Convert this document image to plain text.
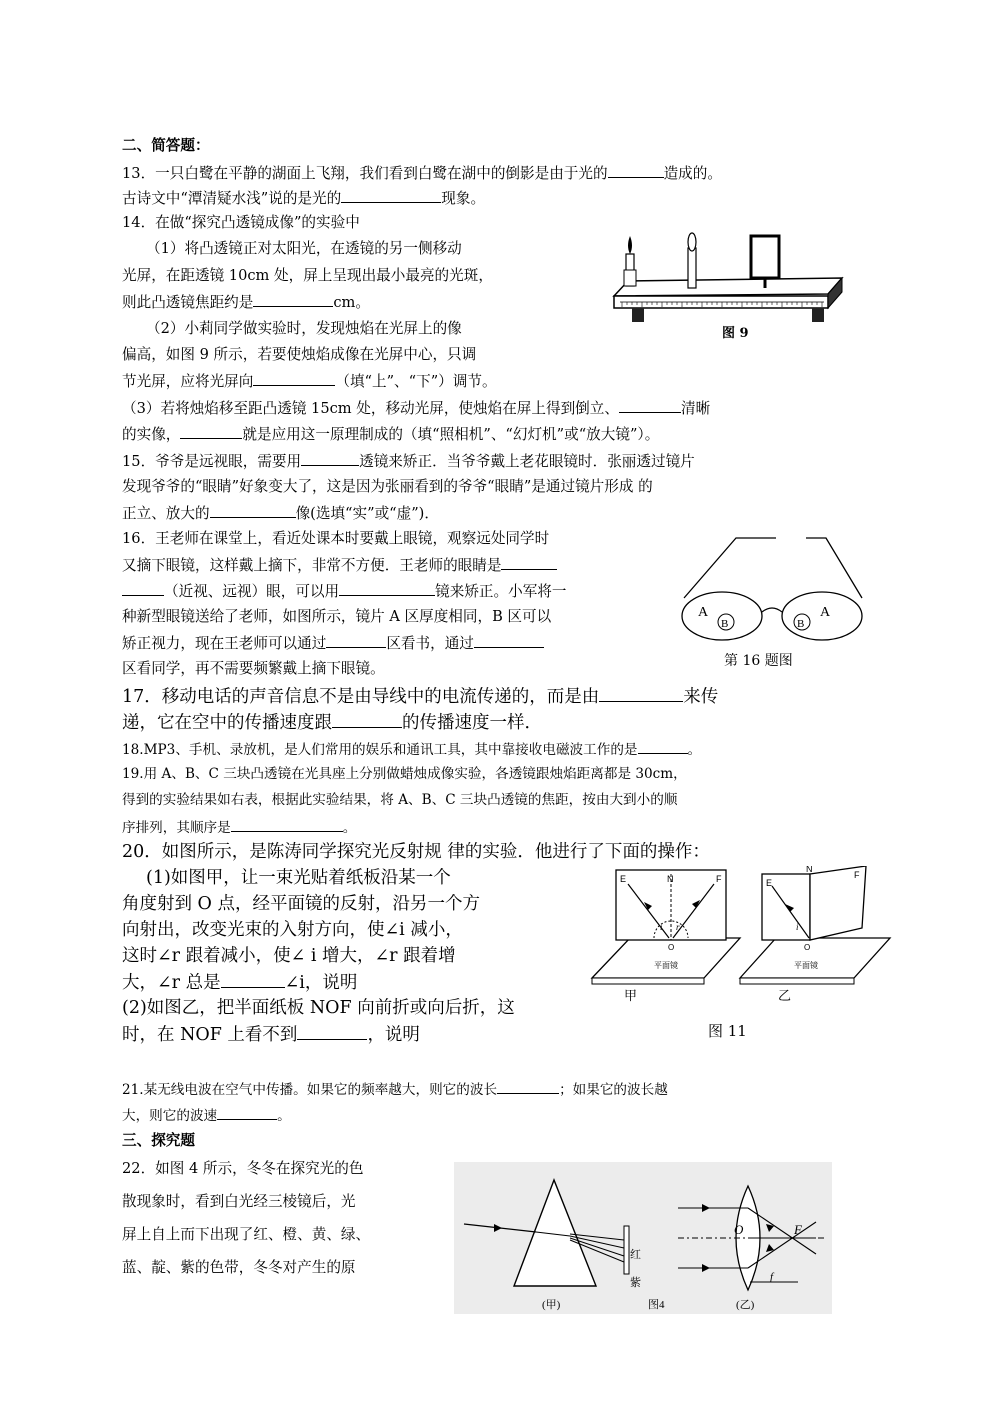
二、简答题：
13．一只白鹭在平静的湖面上飞翔，我们看到白鹭在湖中的倒影是由于光的	造成的。
古诗文中“潭清疑水浅”说的是光的	现象。
14．在做“探究凸透镜成像”的实验中
（1）将凸透镜正对太阳光，在透镜的另一侧移动
光屏，在距透镜 10cm 处，屏上呈现出最小最亮的光斑，
则此凸透镜焦距约是	cm。
（2）小莉同学做实验时，发现烛焰在光屏上的像
偏高，如图 9 所示，若要使烛焰成像在光屏中心，只调
节光屏，应将光屏向	（填“上”、“下”）调节。
（3）若将烛焰移至距凸透镜 15cm 处，移动光屏，使烛焰在屏上得到倒立、	清晰
的实像，	就是应用这一原理制成的（填“照相机”、“幻灯机”或“放大镜”）。
图 9
15．爷爷是远视眼，需要用	透镜来矫正．当爷爷戴上老花眼镜时．张丽透过镜片
发现爷爷的“眼睛”好象变大了，这是因为张丽看到的爷爷“眼睛”是通过镜片形成 的
正立、放大的	像(选填“实”或“虚”)．
16．王老师在课堂上，看近处课本时要戴上眼镜，观察远处同学时
又摘下眼镜，这样戴上摘下，非常不方便．王老师的眼睛是
（近视、远视）眼，可以用	镜来矫正。小军将一
种新型眼镜送给了老师，如图所示，镜片 A 区厚度相同，B 区可以
矫正视力，现在王老师可以通过	区看书，通过
区看同学，再不需要频繁戴上摘下眼镜。
A
B
A
B
第 16 题图
17．移动电话的声音信息不是由导线中的电流传递的，而是由	来传
递，它在空中的传播速度跟	的传播速度一样．
18.MP3、手机、录放机，是人们常用的娱乐和通讯工具，其中靠接收电磁波工作的是	。
19.用 A、B、C 三块凸透镜在光具座上分别做蜡烛成像实验，各透镜跟烛焰距离都是 30cm，
得到的实验结果如右表，根据此实验结果，将 A、B、C 三块凸透镜的焦距，按由大到小的顺
序排列，其顺序是	。
20．如图所示，是陈涛同学探究光反射规 律的实验．他进行了下面的操作：
(1)如图甲，让一束光贴着纸板沿某一个
角度射到 O 点，经平面镜的反射，沿另一个方
向射出，改变光束的入射方向，使∠i 减小，
这时∠r 跟着减小，使∠ i 增大，∠r 跟着增
大，∠r 总是	∠i，说明
(2)如图乙，把半面纸板 NOF 向前折或向后折，这
时，在 NOF 上看不到	，说明
E	N	F
O
i r
平面镜
E
N
F
O
i
平面镜
甲	乙
图 11
21.某无线电波在空气中传播。如果它的频率越大，则它的波长	；如果它的波长越
大，则它的波速	。
三、探究题
22．如图 4 所示，冬冬在探究光的色
散现象时，看到白光经三棱镜后，光
屏上自上而下出现了红、橙、黄、绿、
蓝、靛、紫的色带，冬冬对产生的原
红
紫
(甲)	图4
O	F
f
(乙)
